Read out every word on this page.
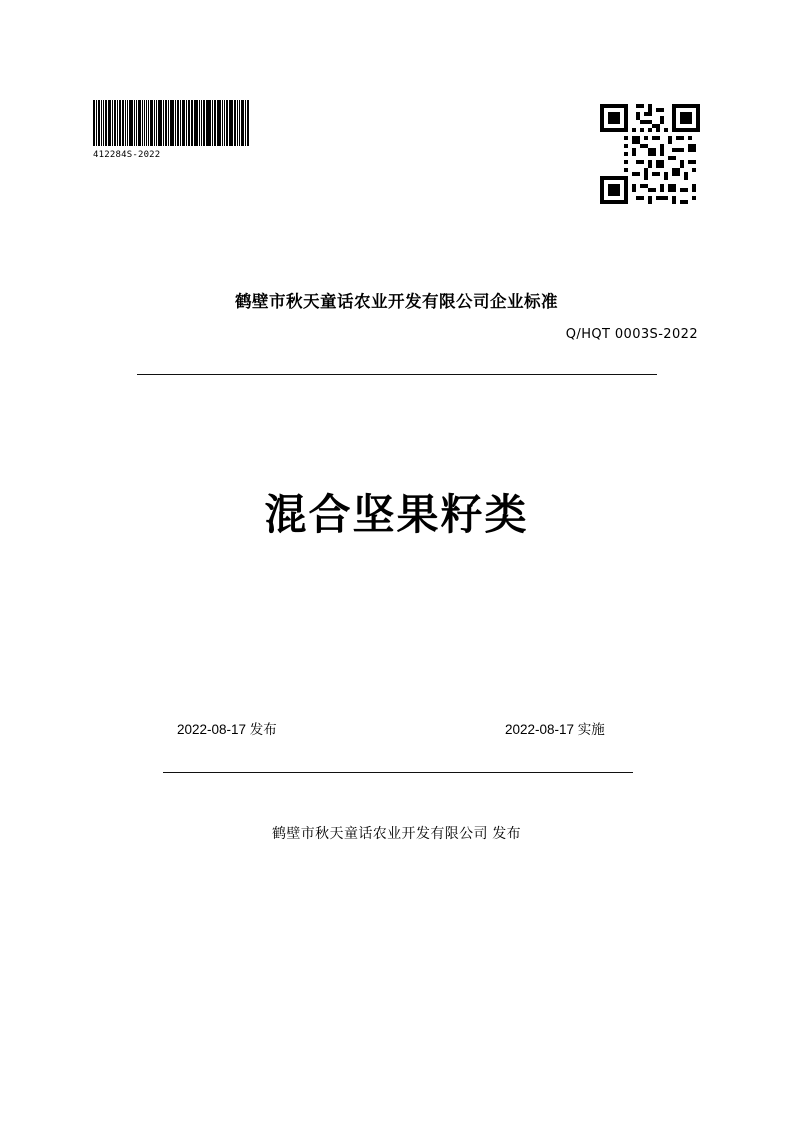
412284S-2022
鹤壁市秋天童话农业开发有限公司企业标准
Q/HQT 0003S-2022
混合坚果籽类
2022-08-17 发布	2022-08-17 实施
鹤壁市秋天童话农业开发有限公司 发布
